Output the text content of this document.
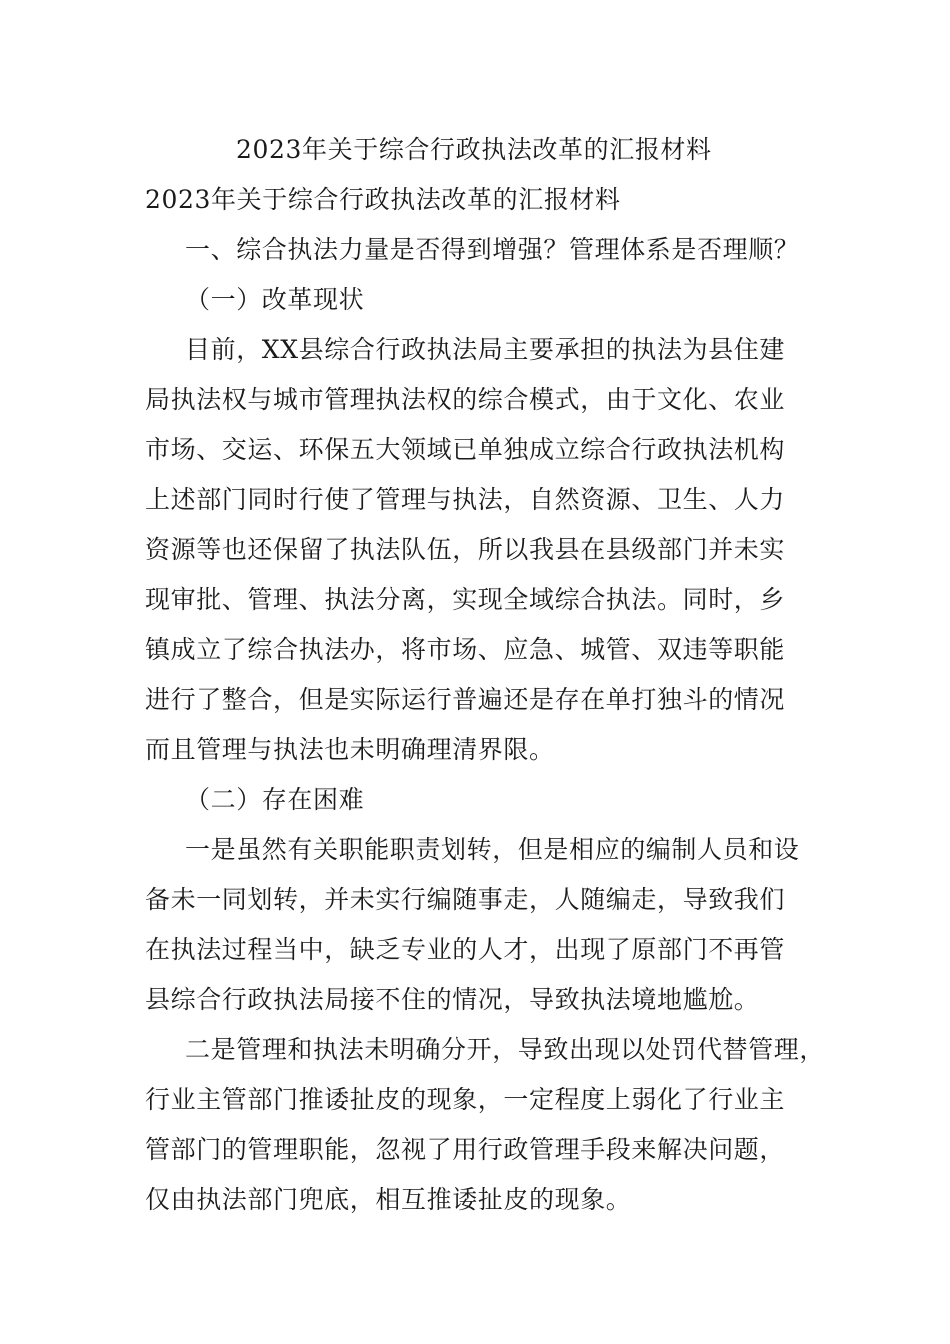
2023年关于综合行政执法改革的汇报材料
2023年关于综合行政执法改革的汇报材料
一、综合执法力量是否得到增强？管理体系是否理顺？
（一）改革现状
目前，XX县综合行政执法局主要承担的执法为县住建
局执法权与城市管理执法权的综合模式，由于文化、农业
市场、交运、环保五大领域已单独成立综合行政执法机构
上述部门同时行使了管理与执法，自然资源、卫生、人力
资源等也还保留了执法队伍，所以我县在县级部门并未实
现审批、管理、执法分离，实现全域综合执法。同时，乡
镇成立了综合执法办，将市场、应急、城管、双违等职能
进行了整合，但是实际运行普遍还是存在单打独斗的情况
而且管理与执法也未明确理清界限。
（二）存在困难
一是虽然有关职能职责划转，但是相应的编制人员和设
备未一同划转，并未实行编随事走，人随编走，导致我们
在执法过程当中，缺乏专业的人才，出现了原部门不再管
县综合行政执法局接不住的情况，导致执法境地尴尬。
二是管理和执法未明确分开，导致出现以处罚代替管理，
行业主管部门推诿扯皮的现象，一定程度上弱化了行业主
管部门的管理职能，忽视了用行政管理手段来解决问题，
仅由执法部门兜底，相互推诿扯皮的现象。
